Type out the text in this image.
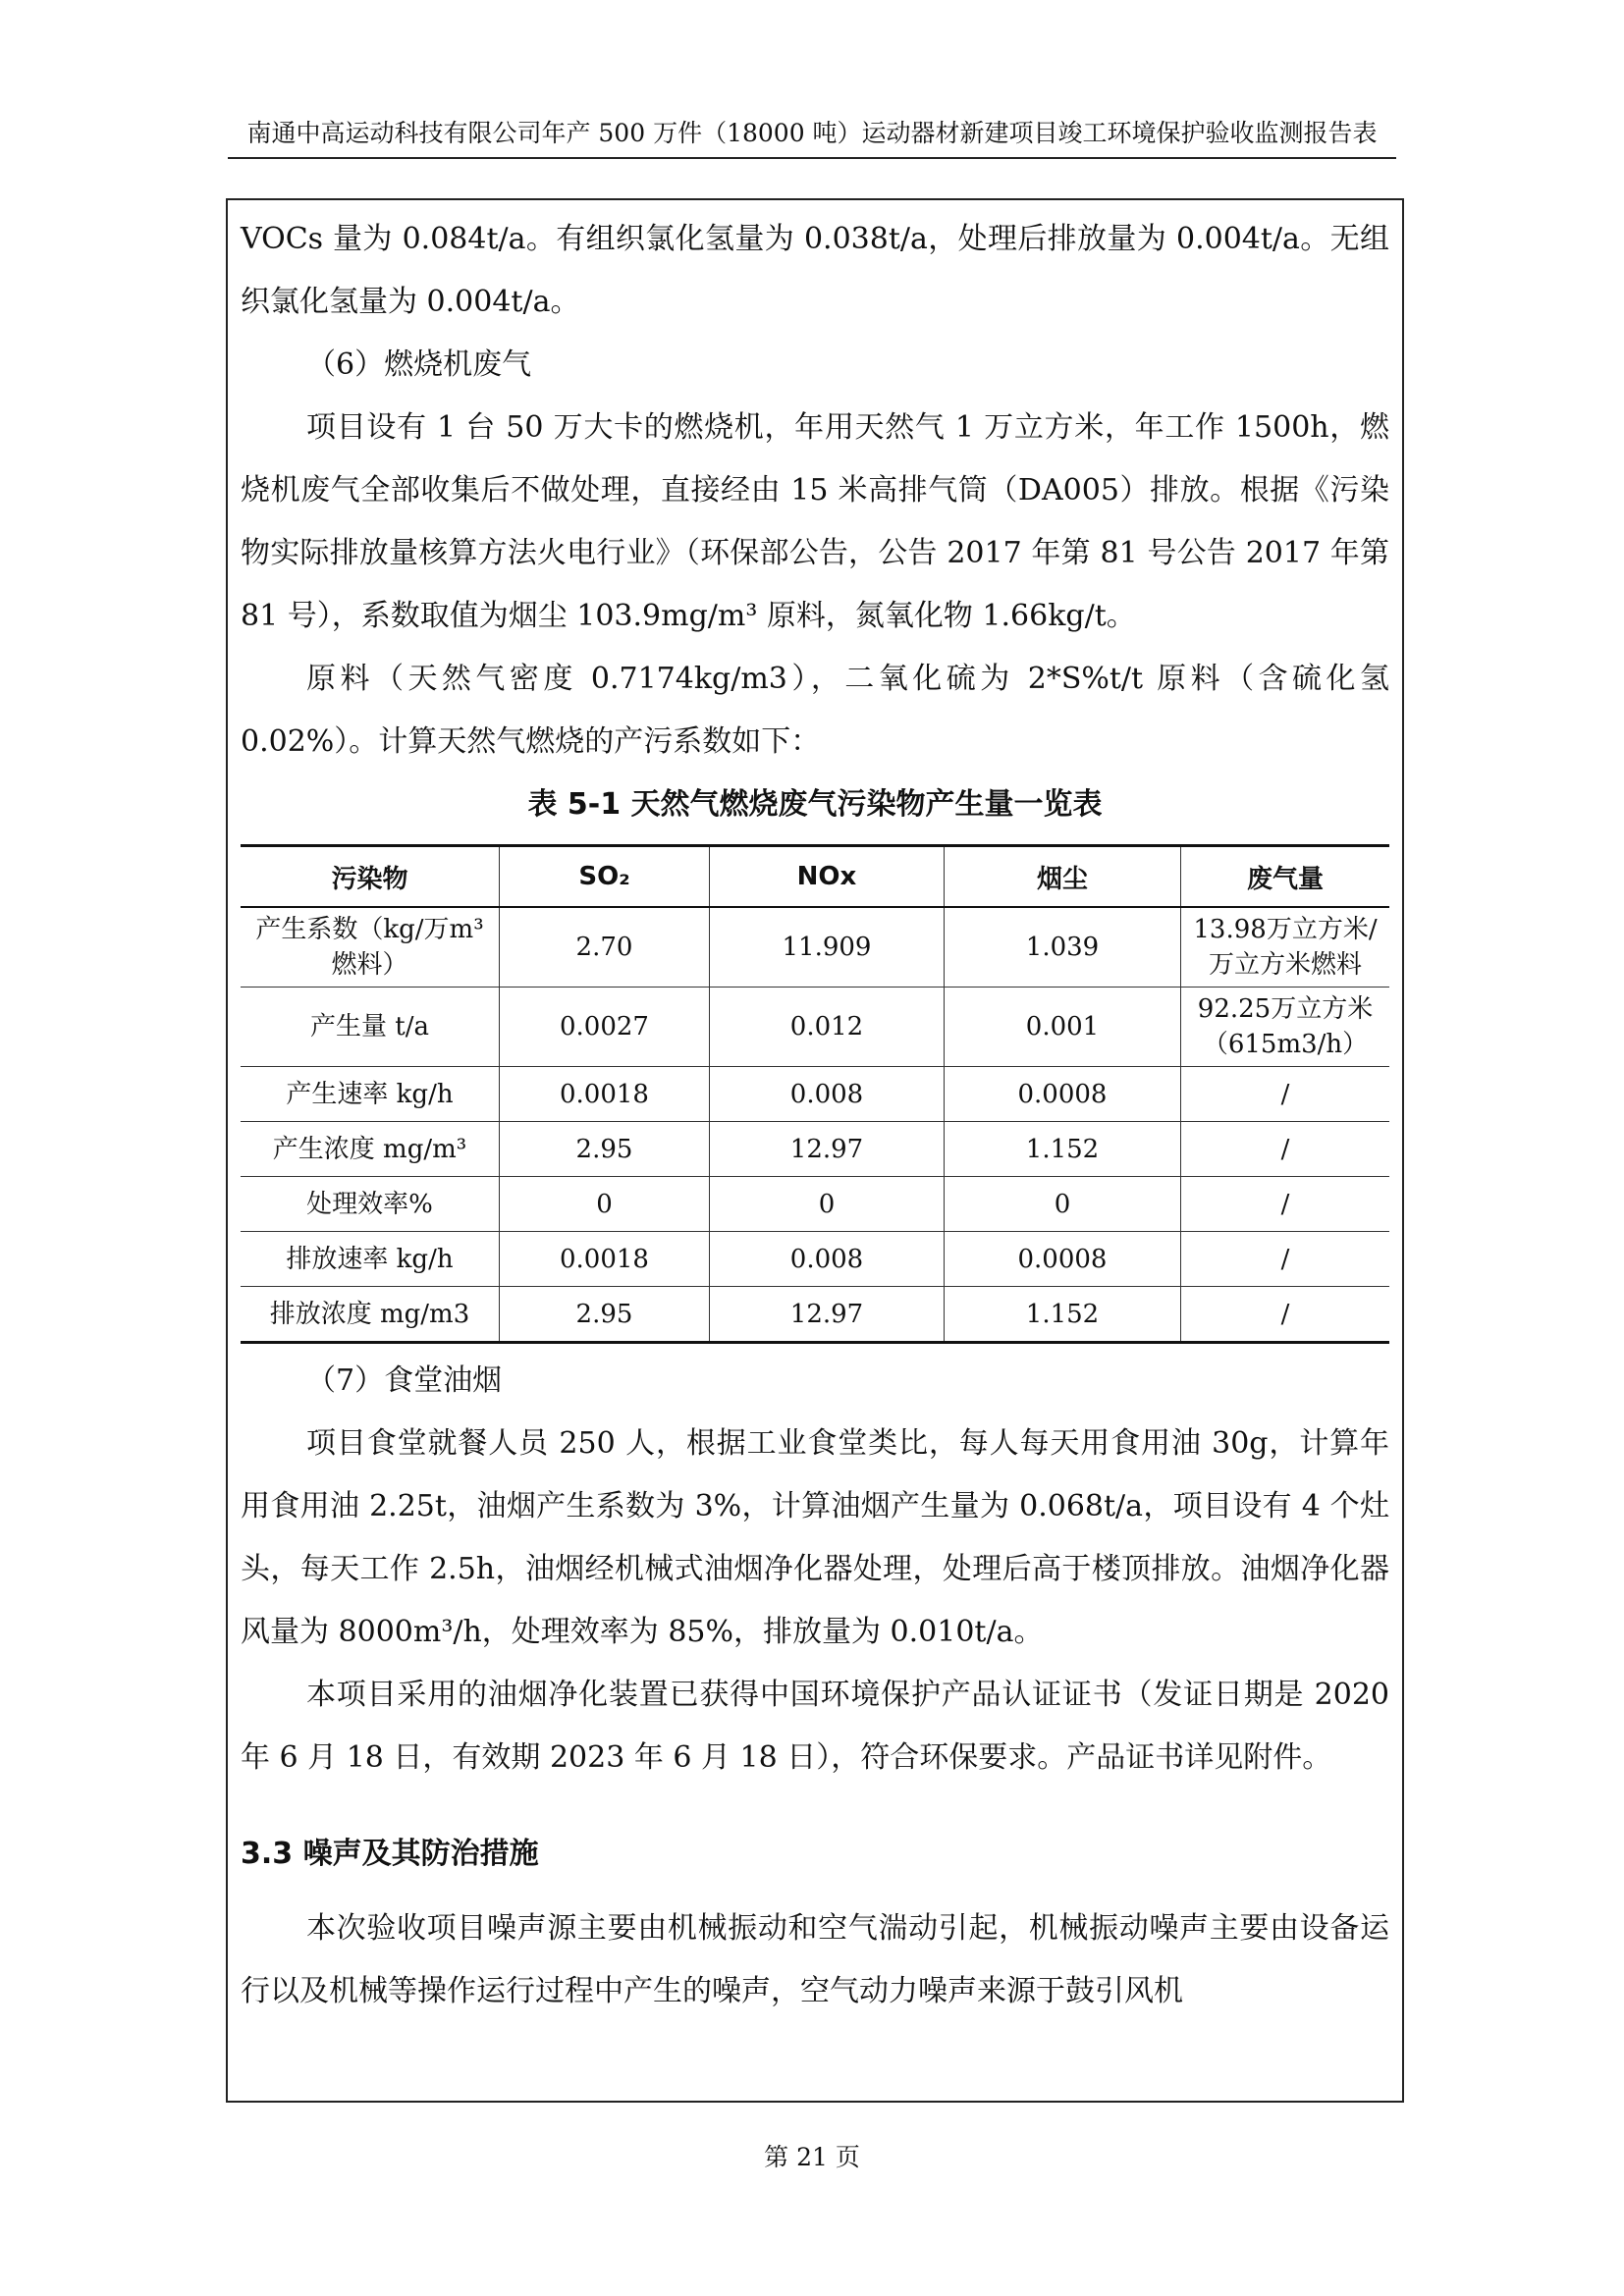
南通中高运动科技有限公司年产 500 万件（18000 吨）运动器材新建项目竣工环境保护验收监测报告表

VOCs 量为 0.084t/a。有组织氯化氢量为 0.038t/a，处理后排放量为 0.004t/a。无组织氯化氢量为 0.004t/a。

（6）燃烧机废气

项目设有 1 台 50 万大卡的燃烧机，年用天然气 1 万立方米，年工作 1500h，燃烧机废气全部收集后不做处理，直接经由 15 米高排气筒（DA005）排放。根据《污染物实际排放量核算方法火电行业》（环保部公告，公告 2017 年第 81 号公告 2017 年第 81 号），系数取值为烟尘 103.9mg/m³ 原料，氮氧化物 1.66kg/t。

原料（天然气密度 0.7174kg/m3），二氧化硫为 2*S%t/t 原料（含硫化氢 0.02%）。计算天然气燃烧的产污系数如下：

表 5-1 天然气燃烧废气污染物产生量一览表

污染物	SO₂	NOx	烟尘	废气量
产生系数（kg/万m³ 燃料）	2.70	11.909	1.039	13.98万立方米/万立方米燃料
产生量 t/a	0.0027	0.012	0.001	92.25万立方米（615m3/h）
产生速率 kg/h	0.0018	0.008	0.0008	/
产生浓度 mg/m³	2.95	12.97	1.152	/
处理效率%	0	0	0	/
排放速率 kg/h	0.0018	0.008	0.0008	/
排放浓度 mg/m3	2.95	12.97	1.152	/

（7）食堂油烟

项目食堂就餐人员 250 人，根据工业食堂类比，每人每天用食用油 30g，计算年用食用油 2.25t，油烟产生系数为 3%，计算油烟产生量为 0.068t/a，项目设有 4 个灶头，每天工作 2.5h，油烟经机械式油烟净化器处理，处理后高于楼顶排放。油烟净化器风量为 8000m³/h，处理效率为 85%，排放量为 0.010t/a。

本项目采用的油烟净化装置已获得中国环境保护产品认证证书（发证日期是 2020 年 6 月 18 日，有效期 2023 年 6 月 18 日），符合环保要求。产品证书详见附件。

3.3 噪声及其防治措施

本次验收项目噪声源主要由机械振动和空气湍动引起，机械振动噪声主要由设备运行以及机械等操作运行过程中产生的噪声，空气动力噪声来源于鼓引风机

第 21 页
